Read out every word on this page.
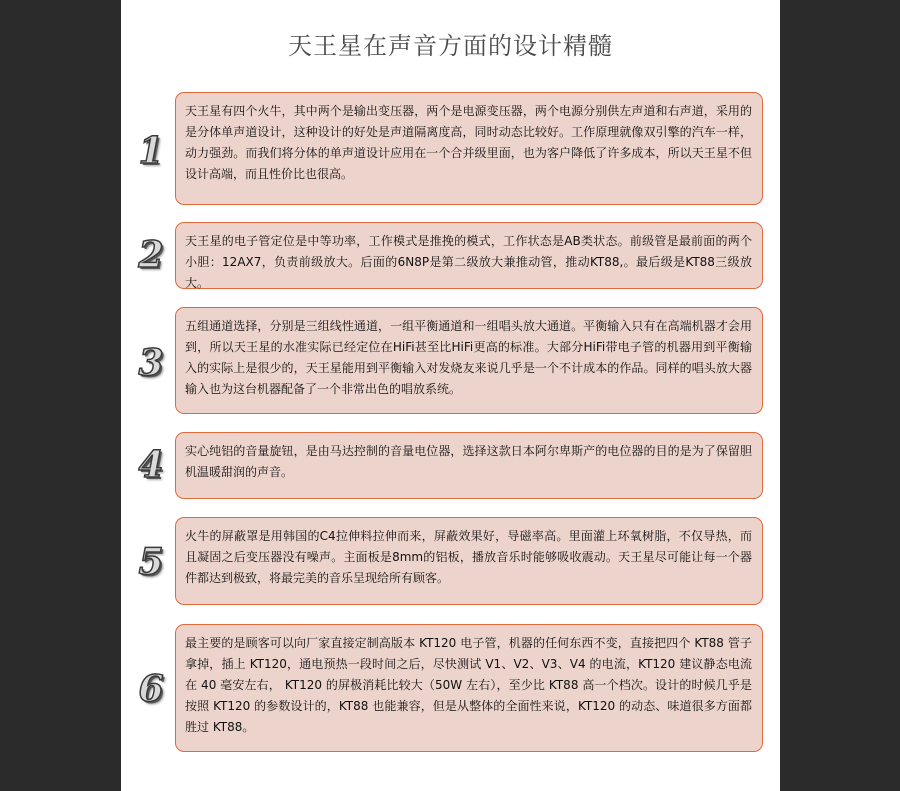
天王星在声音方面的设计精髓
1
天王星有四个火牛，其中两个是输出变压器，两个是电源变压器，两个电源分别供左声道和右声道，采用的是分体单声道设计，这种设计的好处是声道隔离度高，同时动态比较好。工作原理就像双引擎的汽车一样，动力强劲。而我们将分体的单声道设计应用在一个合并级里面，也为客户降低了许多成本，所以天王星不但设计高端，而且性价比也很高。
2	天王星的电子管定位是中等功率，工作模式是推挽的模式，工作状态是AB类状态。前级管是最前面的两个小胆：12AX7，负责前级放大。后面的6N8P是第二级放大兼推动管，推动KT88,。最后级是KT88三级放大。
3
五组通道选择，分别是三组线性通道，一组平衡通道和一组唱头放大通道。平衡输入只有在高端机器才会用到，所以天王星的水准实际已经定位在HiFi甚至比HiFi更高的标准。大部分HiFi带电子管的机器用到平衡输入的实际上是很少的，天王星能用到平衡输入对发烧友来说几乎是一个不计成本的作品。同样的唱头放大器输入也为这台机器配备了一个非常出色的唱放系统。
4	实心纯铝的音量旋钮，是由马达控制的音量电位器，选择这款日本阿尔卑斯产的电位器的目的是为了保留胆机温暖甜润的声音。
5
火牛的屏蔽罩是用韩国的C4拉伸料拉伸而来，屏蔽效果好，导磁率高。里面灌上环氧树脂，不仅导热，而且凝固之后变压器没有噪声。主面板是8mm的铝板，播放音乐时能够吸收震动。天王星尽可能让每一个器件都达到极致，将最完美的音乐呈现给所有顾客。
6
最主要的是顾客可以向厂家直接定制高版本 KT120 电子管，机器的任何东西不变，直接把四个 KT88 管子拿掉，插上 KT120，通电预热一段时间之后，尽快测试 V1、V2、V3、V4 的电流，KT120 建议静态电流在 40 毫安左右， KT120 的屏极消耗比较大（50W 左右），至少比 KT88 高一个档次。设计的时候几乎是按照 KT120 的参数设计的，KT88 也能兼容，但是从整体的全面性来说，KT120 的动态、味道很多方面都胜过 KT88。
